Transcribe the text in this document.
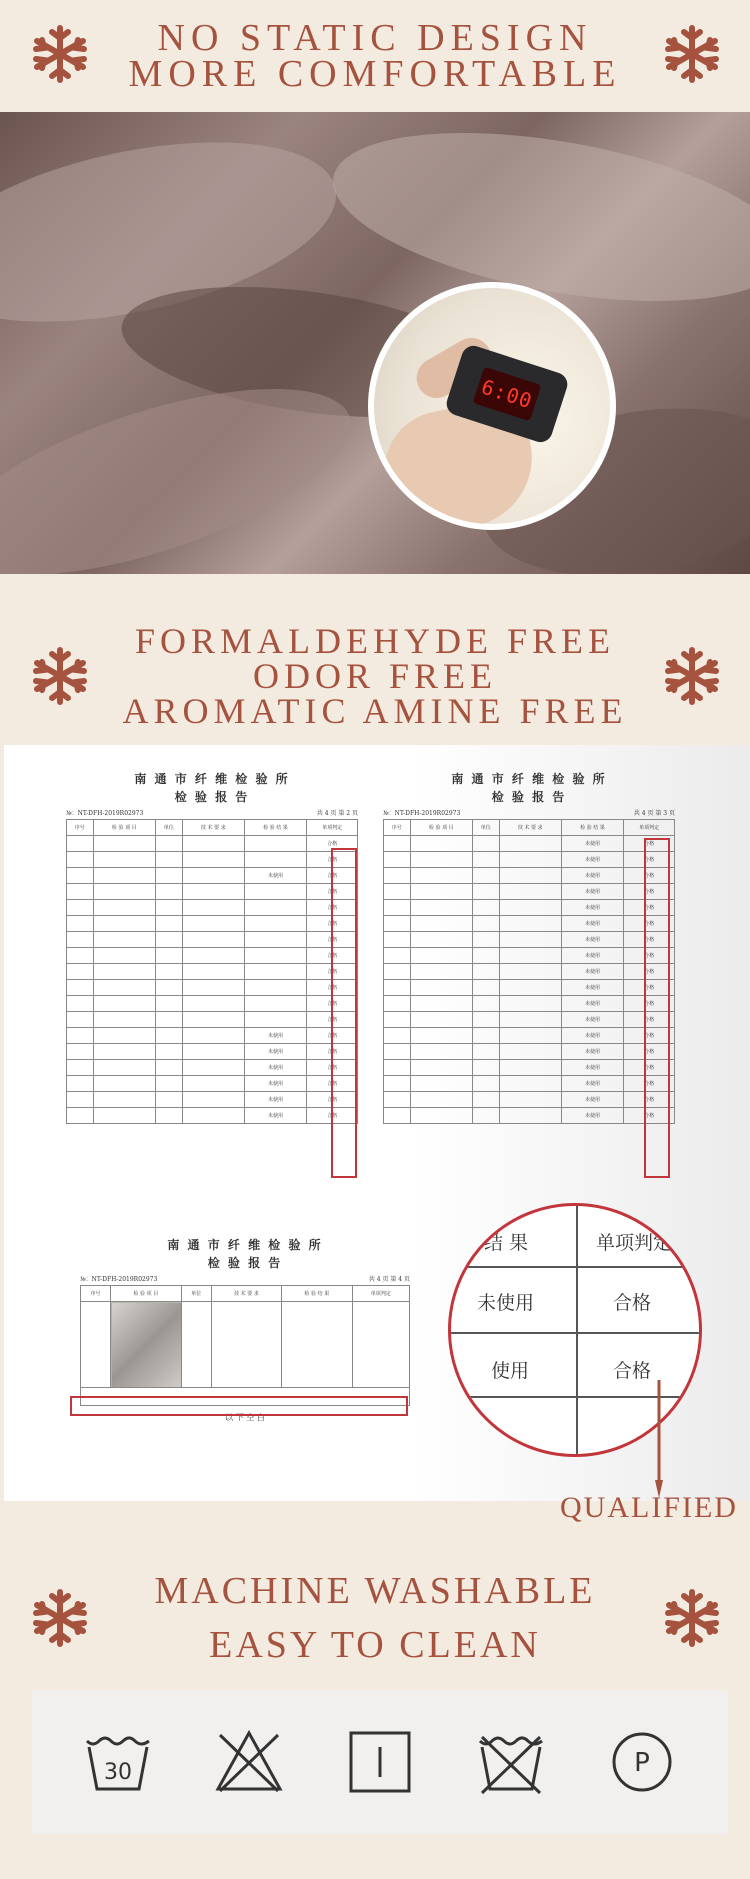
NO STATIC DESIGN
MORE COMFORTABLE
6:00
FORMALDEHYDE FREE
ODOR FREE
AROMATIC AMINE FREE
南 通 市 纤 维 检 验 所
检 验 报 告
№：NT-DFH-2019R02973	共 4 页 第 2 页
序号	检 验 项 目	单位	技 术 要 求	检 验 结 果	单项判定
					合格
					合格
				未使用	合格
					合格
					合格
					合格
					合格
					合格
					合格
					合格
					合格
					合格
				未使用	合格
				未使用	合格
				未使用	合格
				未使用	合格
				未使用	合格
				未使用	合格
南 通 市 纤 维 检 验 所
检 验 报 告
№：NT-DFH-2019R02973	共 4 页 第 3 页
序号	检 验 项 目	单位	技 术 要 求	检 验 结 果	单项判定
				未使用	合格
				未使用	合格
				未使用	合格
				未使用	合格
				未使用	合格
				未使用	合格
				未使用	合格
				未使用	合格
				未使用	合格
				未使用	合格
				未使用	合格
				未使用	合格
				未使用	合格
				未使用	合格
				未使用	合格
				未使用	合格
				未使用	合格
				未使用	合格
南 通 市 纤 维 检 验 所
检 验 报 告
№：NT-DFH-2019R02973	共 4 页 第 4 页
序号	检 验 项 目	单位	技 术 要 求	检 验 结 果	单项判定

以 下 空 白
验 结 果	单项判定
未使用	合格
使用	合格
QUALIFIED
MACHINE WASHABLE
EASY TO CLEAN
30	P
